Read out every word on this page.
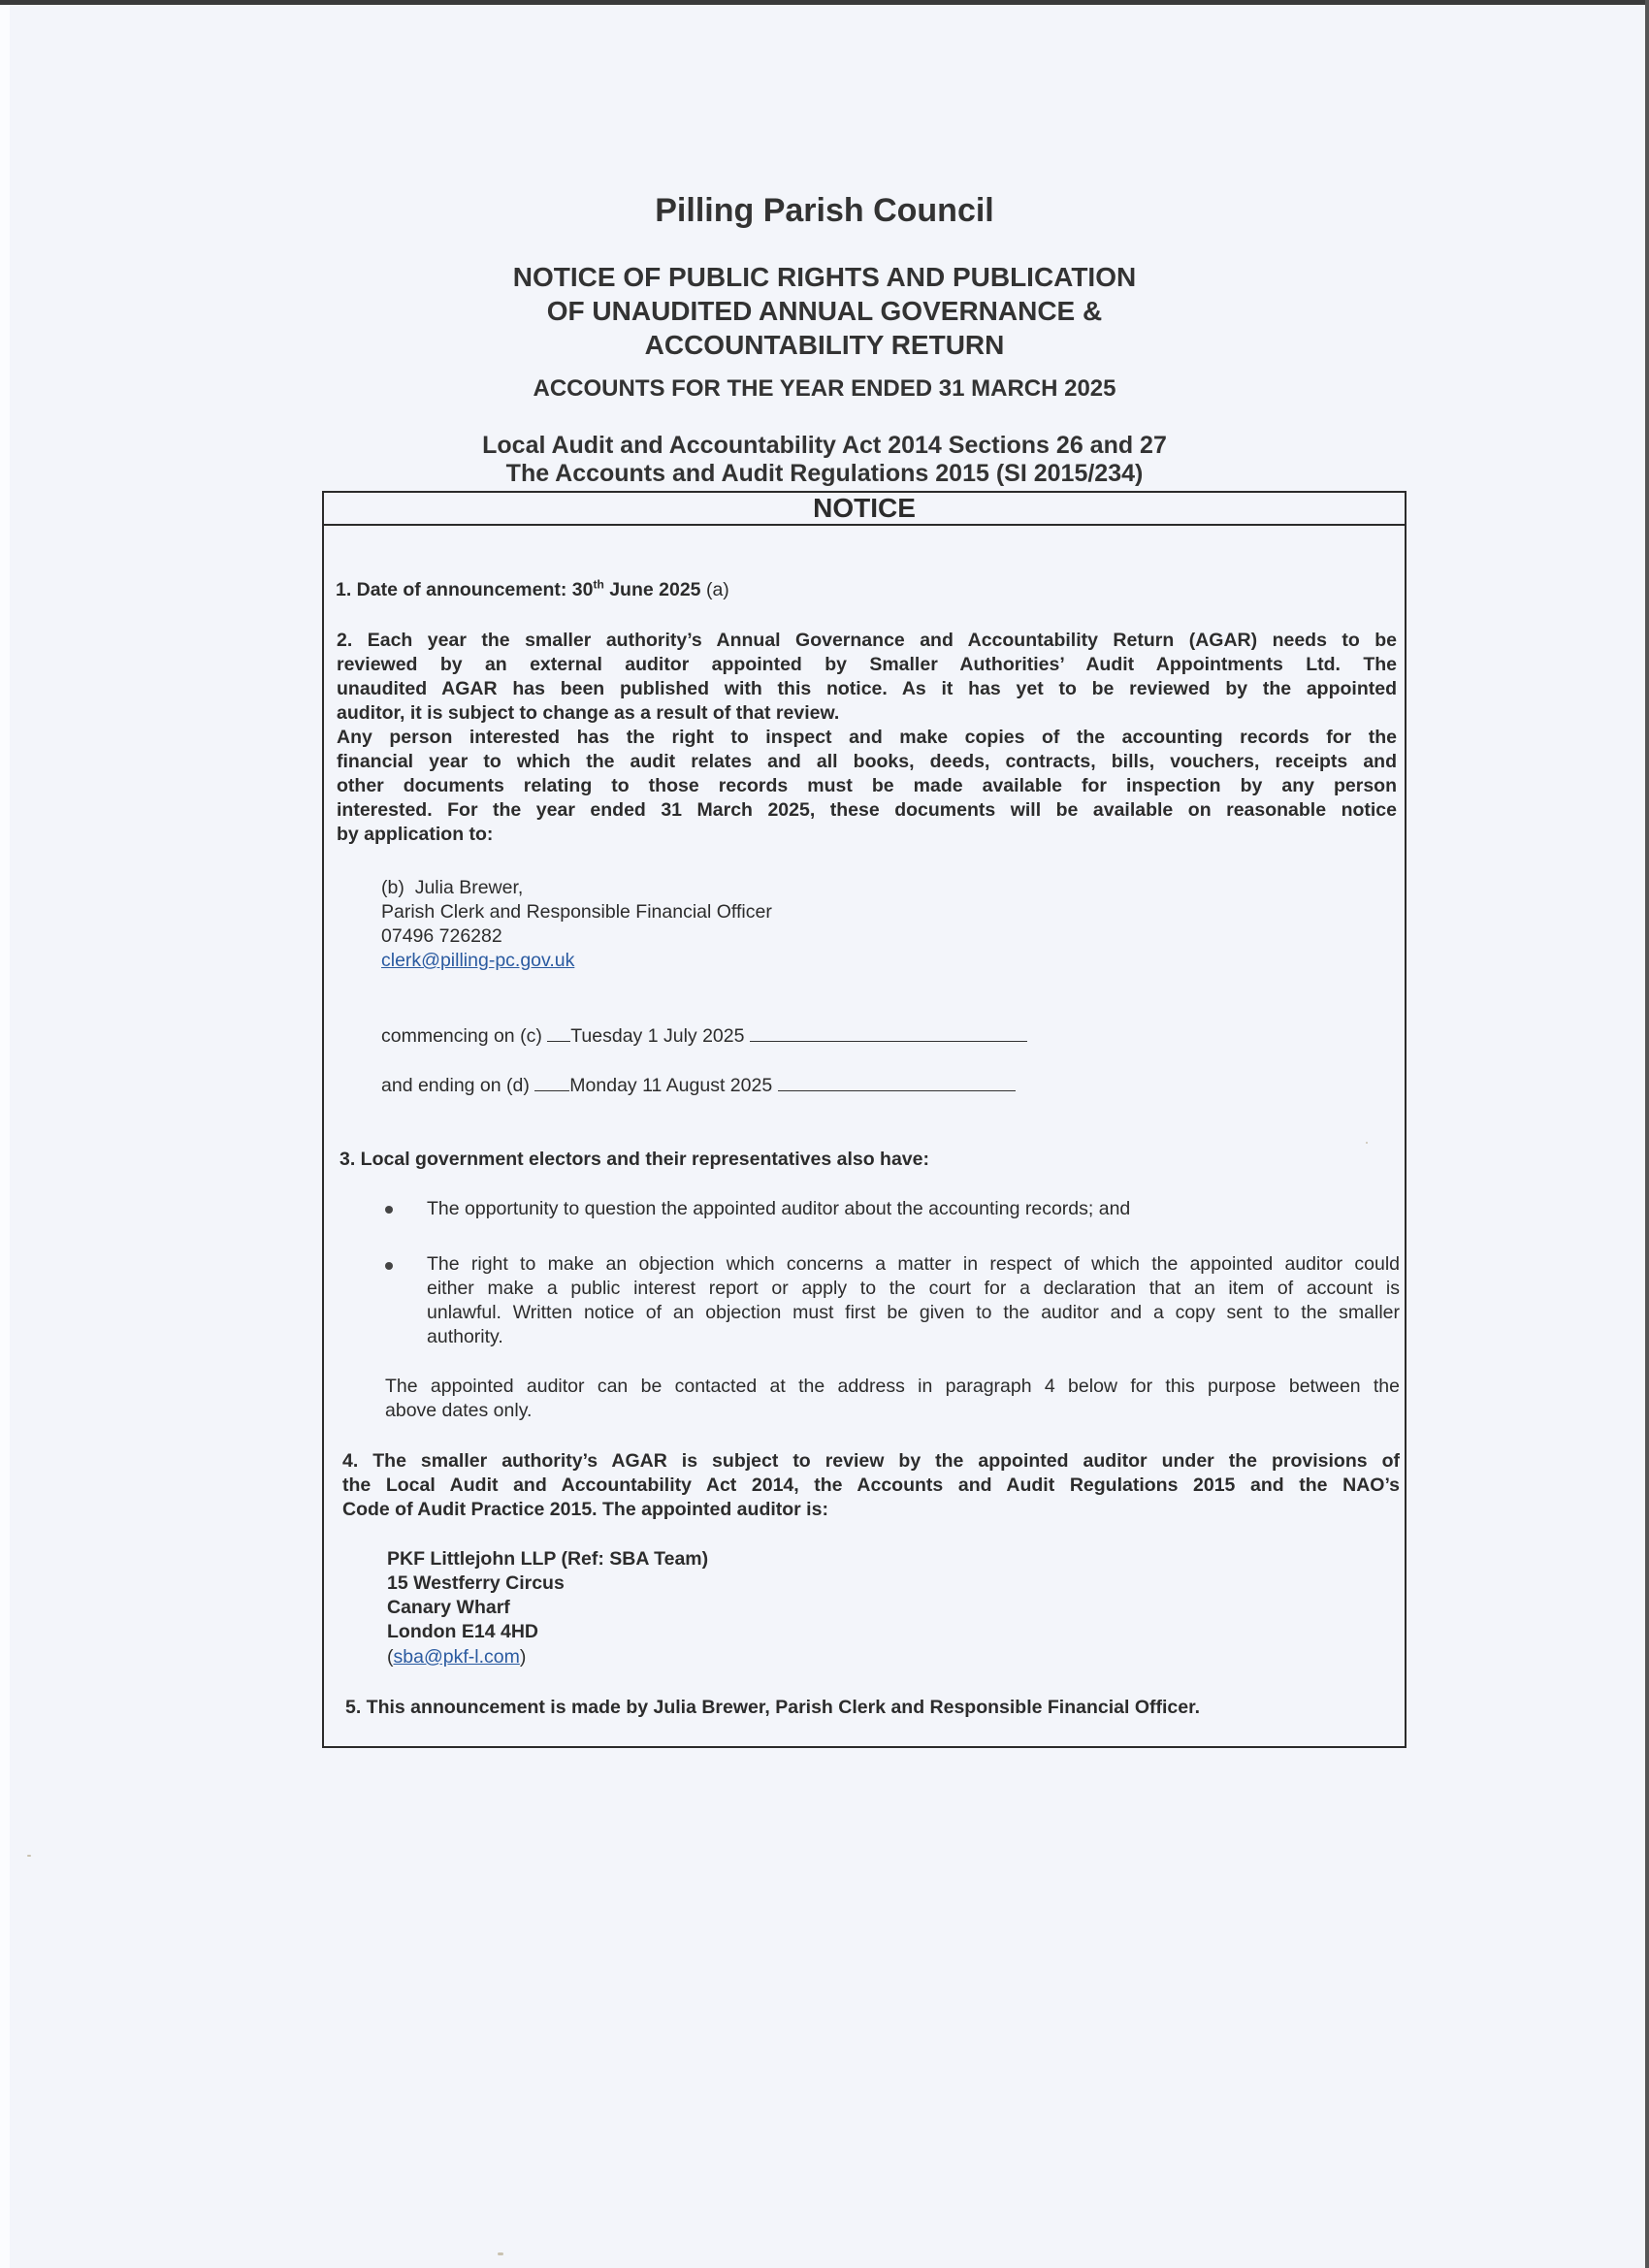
Pilling Parish Council
NOTICE OF PUBLIC RIGHTS AND PUBLICATION
OF UNAUDITED ANNUAL GOVERNANCE &
ACCOUNTABILITY RETURN
ACCOUNTS FOR THE YEAR ENDED 31 MARCH 2025
Local Audit and Accountability Act 2014 Sections 26 and 27
The Accounts and Audit Regulations 2015 (SI 2015/234)
NOTICE
1. Date of announcement: 30th June 2025 (a)
2. Each year the smaller authority’s Annual Governance and Accountability Return (AGAR) needs to be
reviewed by an external auditor appointed by Smaller Authorities’ Audit Appointments Ltd. The
unaudited AGAR has been published with this notice. As it has yet to be reviewed by the appointed
auditor, it is subject to change as a result of that review.
Any person interested has the right to inspect and make copies of the accounting records for the
financial year to which the audit relates and all books, deeds, contracts, bills, vouchers, receipts and
other documents relating to those records must be made available for inspection by any person
interested. For the year ended 31 March 2025, these documents will be available on reasonable notice
by application to:
(b) Julia Brewer,
Parish Clerk and Responsible Financial Officer
07496 726282
clerk@pilling-pc.gov.uk
commencing on (c) Tuesday 1 July 2025
and ending on (d) Monday 11 August 2025
3. Local government electors and their representatives also have:
The opportunity to question the appointed auditor about the accounting records; and
The right to make an objection which concerns a matter in respect of which the appointed auditor could
either make a public interest report or apply to the court for a declaration that an item of account is
unlawful. Written notice of an objection must first be given to the auditor and a copy sent to the smaller
authority.
The appointed auditor can be contacted at the address in paragraph 4 below for this purpose between the
above dates only.
4. The smaller authority’s AGAR is subject to review by the appointed auditor under the provisions of
the Local Audit and Accountability Act 2014, the Accounts and Audit Regulations 2015 and the NAO’s
Code of Audit Practice 2015. The appointed auditor is:
PKF Littlejohn LLP (Ref: SBA Team)
15 Westferry Circus
Canary Wharf
London E14 4HD
(sba@pkf-l.com)
5. This announcement is made by Julia Brewer, Parish Clerk and Responsible Financial Officer.
